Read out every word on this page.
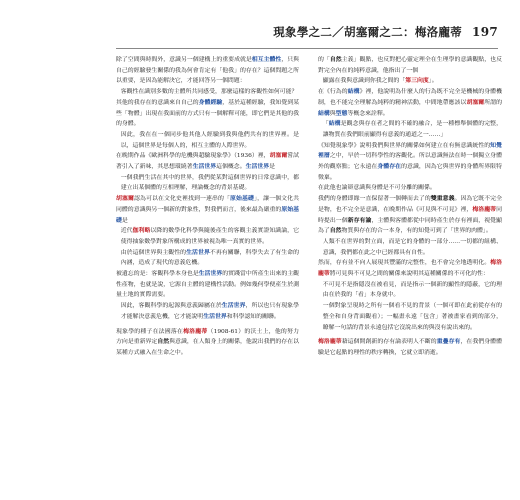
現象學之二／胡塞爾之二：梅洛龐蒂 197

除了空間與時間外，意識另一個建構上的重要成就是相互主體性，只與自己的經驗發生關係的我為何會肯定有「他我」的存在？這個問題之所以重要，是因為能解決它，才能回答另一個問題：

客觀性在識別多數的主體所共同感受，那麼這樣的客觀性如何可能？

其他的我存在的意識來自自己的身體經驗，基於這種經驗，我知覺到某些「物體」出現在我面前的方式只有一個解釋可能，即它們是其他的我的身體。

因此，我在在一個同步他其他人經驗到我與他們共有的世界裡。是以，這個世界是每個人的，相互主體的人際世界。

在晚期作品《歐洲科學的危機與超驗現象學》（1936）裡，胡塞爾嘗試著引入了新味，其思想環繞著生活世界這個概念。生活世界是

一個我們生活在其中的世界，我們從某對這個世界的日常意識中，都建立出某個體的互相理解，理論概念的背景基礎。

胡塞爾認為可以在文化史裡找到一連串的「原始基礎」，讓一個文化共同體的意識與另一個新的對象性，對我們而言，後來最為嚴重的原始基礎是

近代伽利略以降的數學化科學與隨後產生的客觀主義實證知識論，它使得抽象數學對象所構成的世界被視為唯一真實的世界。

由於這個世界與主觀性的生活世界不再有關聯，科學失去了有生命的內涵，造成了現代的意義危機。

被遺忘的是：客觀科學本身也是生活世界的實踐當中所產生出來的主觀性產物，也就是說，它源自主體的建構性活動。例如幾何學便產生於測量土地的實際需要。

因此，客觀科學的起源與意義歸屬在於生活世界，所以也只有現象學才能解決意義危機，它才能說明生活世界和科學認知的關聯。

現象學的種子在法國落在梅洛龐蒂（1908-61）的沃土上，他的努力方向是重新界定自然與意識，在人類身上的關係，他說出我們的存在以某種方式融入在生命之中。

的「自然主義」觀點，也反對把心靈定理全在生理學的意識觀點，也反對完全內在的純粹意識，他指出了一個

顯露在我與意識到你我之間的「第三向度」。

在《行為的結構》裡，他說明為什麼人的行為既不完全是機械的身體機制，也不能完全理解為純粹的精神活動，中間地帶應該以胡塞爾所謂的結構與型態等概念來詮釋。

「結構是觀念與存在者之間的不確的融合，是一種標舉個體的完整，讓物質在我們眼前顯得有意義的通道之一……」

《知覺現象學》說明我們與世界的關係如何建立在有無意識統性的知覺裡層之中，早於一切科學性的客觀化。所以意識無法在時一個獨立身體外的觀察點；它永遠在身體存在的意識，因為它與世界的身體所界限特徵稟。

在此他也論辯意識與身體是不可分離的關係。

我們的身體即緣一直保留著一個轉而去了的雙重意義。因為它既不完全是物，也不完全是意識，在晚期作品《可見與不可見》裡，梅洛龐蒂同時提出一個新存有論，主體與客體都從中同時產生於存有裡面，視覺顯為了自然物質與存在的合一本身，有的知覺可到了「世界的肉體」。

人類不在世界的對立面，而是它的身體的一部分……一切都的組構、意識，我們都在此之中已經都具有自性。

然而，存有並不向人展現其豐滿的完整性，也不會完全地透明化。梅洛龐蒂將可見與不可見之間的關係來說明其這種關係的不可化約性：

不可見不是指隱沒在被看見，而是指示一個新的顯性的隱蔽，它的理由在於我的「看」本身就中。

一個對象呈現時之所有一個看不見的背景（一個可即在此前從存有的整全和自身背面觀看）；一幅畫永遠「包含」著被畫家看到的部分，瞭解一句話的背景永遠包括它沒說出來的與沒有說出來的。

梅洛龐蒂藉這個開創新的存有論表明人不斷的重疊存有，在我們身體體驗是它起點的理性的秩序轉換，它就立即消逝。
